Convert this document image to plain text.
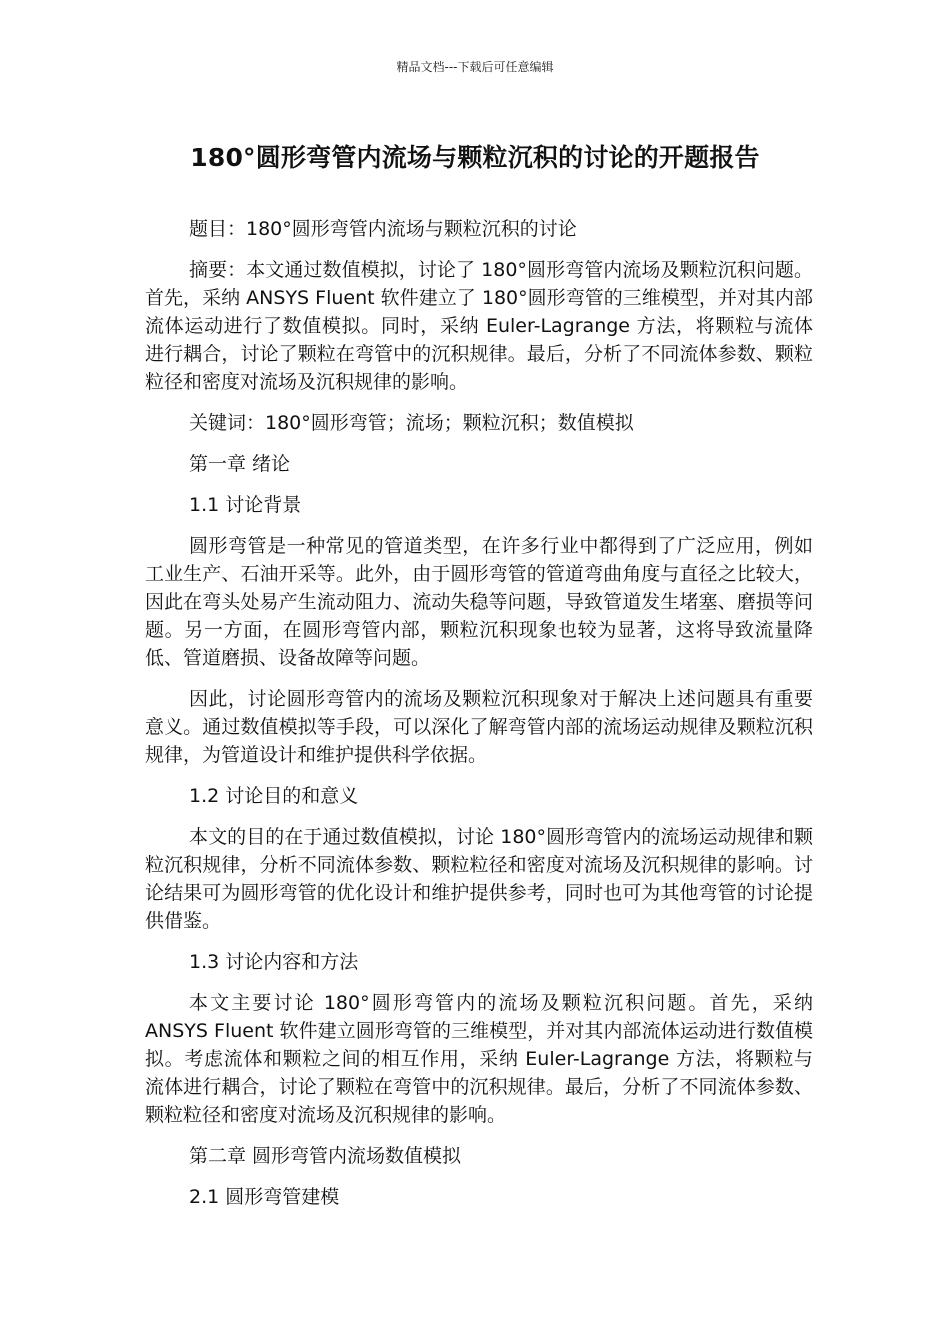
精品文档---下载后可任意编辑
180°圆形弯管内流场与颗粒沉积的讨论的开题报告

题目：180°圆形弯管内流场与颗粒沉积的讨论

摘要：本文通过数值模拟，讨论了 180°圆形弯管内流场及颗粒沉积问题。首先，采纳 ANSYS Fluent 软件建立了 180°圆形弯管的三维模型，并对其内部流体运动进行了数值模拟。同时，采纳 Euler-Lagrange 方法，将颗粒与流体进行耦合，讨论了颗粒在弯管中的沉积规律。最后，分析了不同流体参数、颗粒粒径和密度对流场及沉积规律的影响。

关键词：180°圆形弯管；流场；颗粒沉积；数值模拟

第一章 绪论

1.1 讨论背景

圆形弯管是一种常见的管道类型，在许多行业中都得到了广泛应用，例如工业生产、石油开采等。此外，由于圆形弯管的管道弯曲角度与直径之比较大，因此在弯头处易产生流动阻力、流动失稳等问题，导致管道发生堵塞、磨损等问题。另一方面，在圆形弯管内部，颗粒沉积现象也较为显著，这将导致流量降低、管道磨损、设备故障等问题。

因此，讨论圆形弯管内的流场及颗粒沉积现象对于解决上述问题具有重要意义。通过数值模拟等手段，可以深化了解弯管内部的流场运动规律及颗粒沉积规律，为管道设计和维护提供科学依据。

1.2 讨论目的和意义

本文的目的在于通过数值模拟，讨论 180°圆形弯管内的流场运动规律和颗粒沉积规律，分析不同流体参数、颗粒粒径和密度对流场及沉积规律的影响。讨论结果可为圆形弯管的优化设计和维护提供参考，同时也可为其他弯管的讨论提供借鉴。

1.3 讨论内容和方法

本文主要讨论 180°圆形弯管内的流场及颗粒沉积问题。首先，采纳 ANSYS Fluent 软件建立圆形弯管的三维模型，并对其内部流体运动进行数值模拟。考虑流体和颗粒之间的相互作用，采纳 Euler-Lagrange 方法，将颗粒与流体进行耦合，讨论了颗粒在弯管中的沉积规律。最后，分析了不同流体参数、颗粒粒径和密度对流场及沉积规律的影响。

第二章 圆形弯管内流场数值模拟

2.1 圆形弯管建模
